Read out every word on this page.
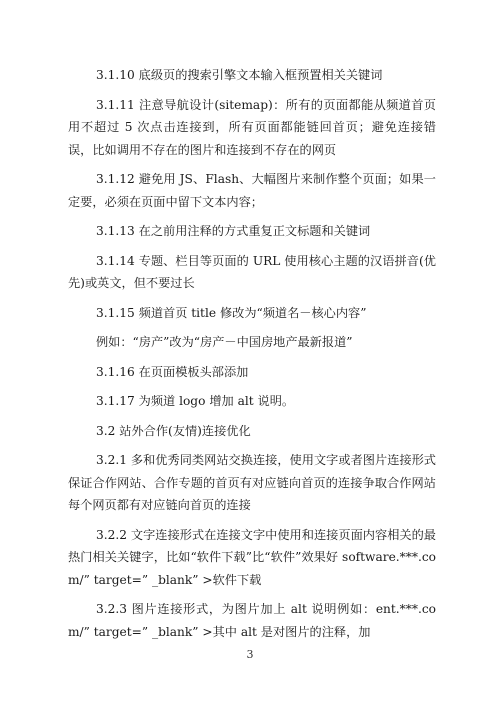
3.1.10 底级页的搜索引擎文本输入框预置相关关键词

3.1.11 注意导航设计(sitemap)：所有的页面都能从频道首页用不超过 5 次点击连接到，所有页面都能链回首页；避免连接错误，比如调用不存在的图片和连接到不存在的网页

3.1.12 避免用 JS、Flash、大幅图片来制作整个页面；如果一定要，必须在页面中留下文本内容；

3.1.13 在之前用注释的方式重复正文标题和关键词

3.1.14 专题、栏目等页面的 URL 使用核心主题的汉语拼音(优先)或英文，但不要过长

3.1.15 频道首页 title 修改为“频道名－核心内容”

例如：“房产”改为“房产－中国房地产最新报道”

3.1.16 在页面模板头部添加

3.1.17 为频道 logo 增加 alt 说明。

3.2 站外合作(友情)连接优化

3.2.1 多和优秀同类网站交换连接，使用文字或者图片连接形式保证合作网站、合作专题的首页有对应链向首页的连接争取合作网站每个网页都有对应链向首页的连接

3.2.2 文字连接形式在连接文字中使用和连接页面内容相关的最热门相关关键字，比如“软件下载”比“软件”效果好 software.***.com/” target=” _blank” >软件下载

3.2.3 图片连接形式，为图片加上 alt 说明例如：ent.***.com/” target=” _blank” >其中 alt 是对图片的注释，加

3
